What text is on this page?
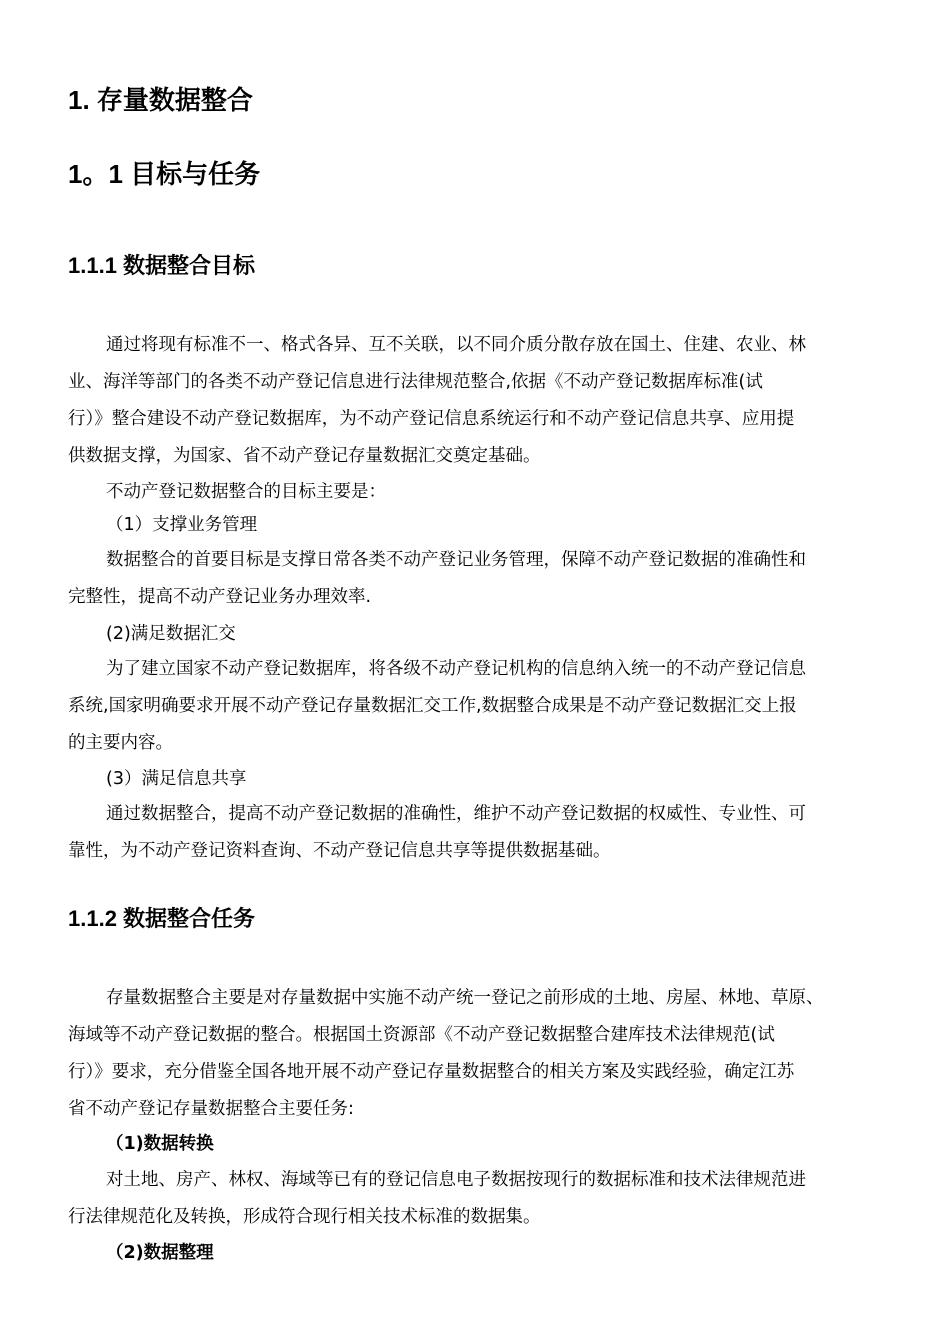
1. 存量数据整合
1。1 目标与任务
1.1.1 数据整合目标
通过将现有标准不一、格式各异、互不关联，以不同介质分散存放在国土、住建、农业、林
业、海洋等部门的各类不动产登记信息进行法律规范整合,依据《不动产登记数据库标准(试
行）》整合建设不动产登记数据库，为不动产登记信息系统运行和不动产登记信息共享、应用提
供数据支撑，为国家、省不动产登记存量数据汇交奠定基础。
不动产登记数据整合的目标主要是：
（1）支撑业务管理
数据整合的首要目标是支撑日常各类不动产登记业务管理，保障不动产登记数据的准确性和
完整性，提高不动产登记业务办理效率.
(2)满足数据汇交
为了建立国家不动产登记数据库，将各级不动产登记机构的信息纳入统一的不动产登记信息
系统,国家明确要求开展不动产登记存量数据汇交工作,数据整合成果是不动产登记数据汇交上报
的主要内容。
(3）满足信息共享
通过数据整合，提高不动产登记数据的准确性，维护不动产登记数据的权威性、专业性、可
靠性，为不动产登记资料查询、不动产登记信息共享等提供数据基础。
1.1.2 数据整合任务
存量数据整合主要是对存量数据中实施不动产统一登记之前形成的土地、房屋、林地、草原、
海域等不动产登记数据的整合。根据国土资源部《不动产登记数据整合建库技术法律规范(试
行）》要求，充分借鉴全国各地开展不动产登记存量数据整合的相关方案及实践经验，确定江苏
省不动产登记存量数据整合主要任务:
（1)数据转换
对土地、房产、林权、海域等已有的登记信息电子数据按现行的数据标准和技术法律规范进
行法律规范化及转换，形成符合现行相关技术标准的数据集。
（2)数据整理
